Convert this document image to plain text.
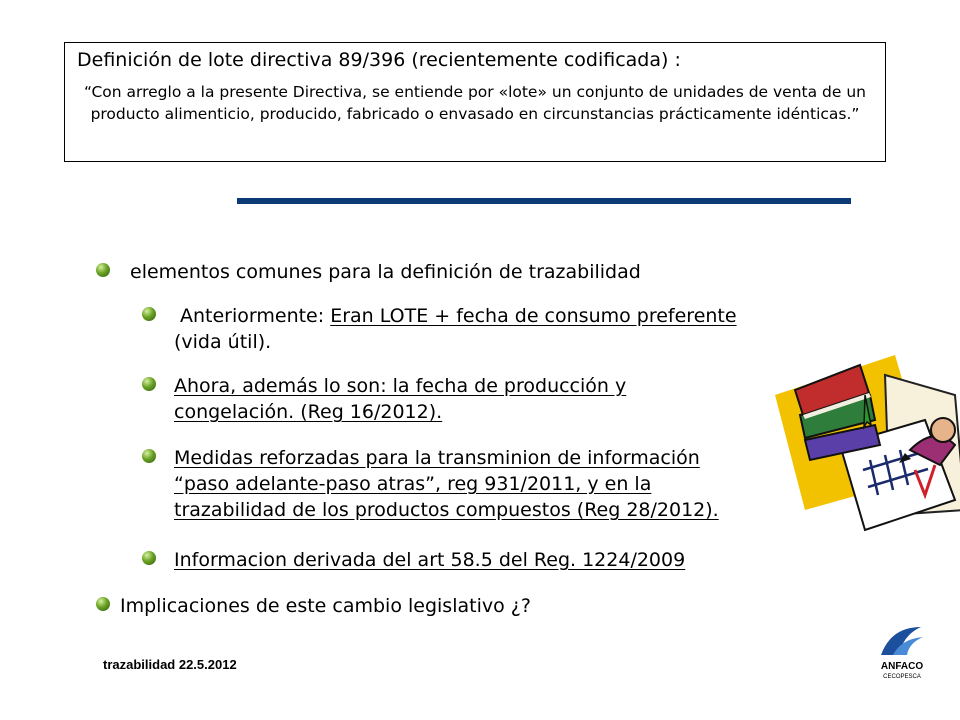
Definición de lote directiva 89/396 (recientemente codificada) :
“Con arreglo a la presente Directiva, se entiende por «lote» un conjunto de unidades de venta de un producto alimenticio, producido, fabricado o envasado en circunstancias prácticamente idénticas.”
elementos comunes para la definición de trazabilidad
Anteriormente: Eran LOTE + fecha de consumo preferente
(vida útil).
Ahora, además lo son: la fecha de producción y
congelación. (Reg 16/2012).
Medidas reforzadas para la transminion de información
“paso adelante-paso atras”, reg 931/2011, y en la
trazabilidad de los productos compuestos (Reg 28/2012).
Informacion derivada del art 58.5 del Reg. 1224/2009
Implicaciones de este cambio legislativo ¿?
trazabilidad 22.5.2012	ANFACO
CECOPESCA
